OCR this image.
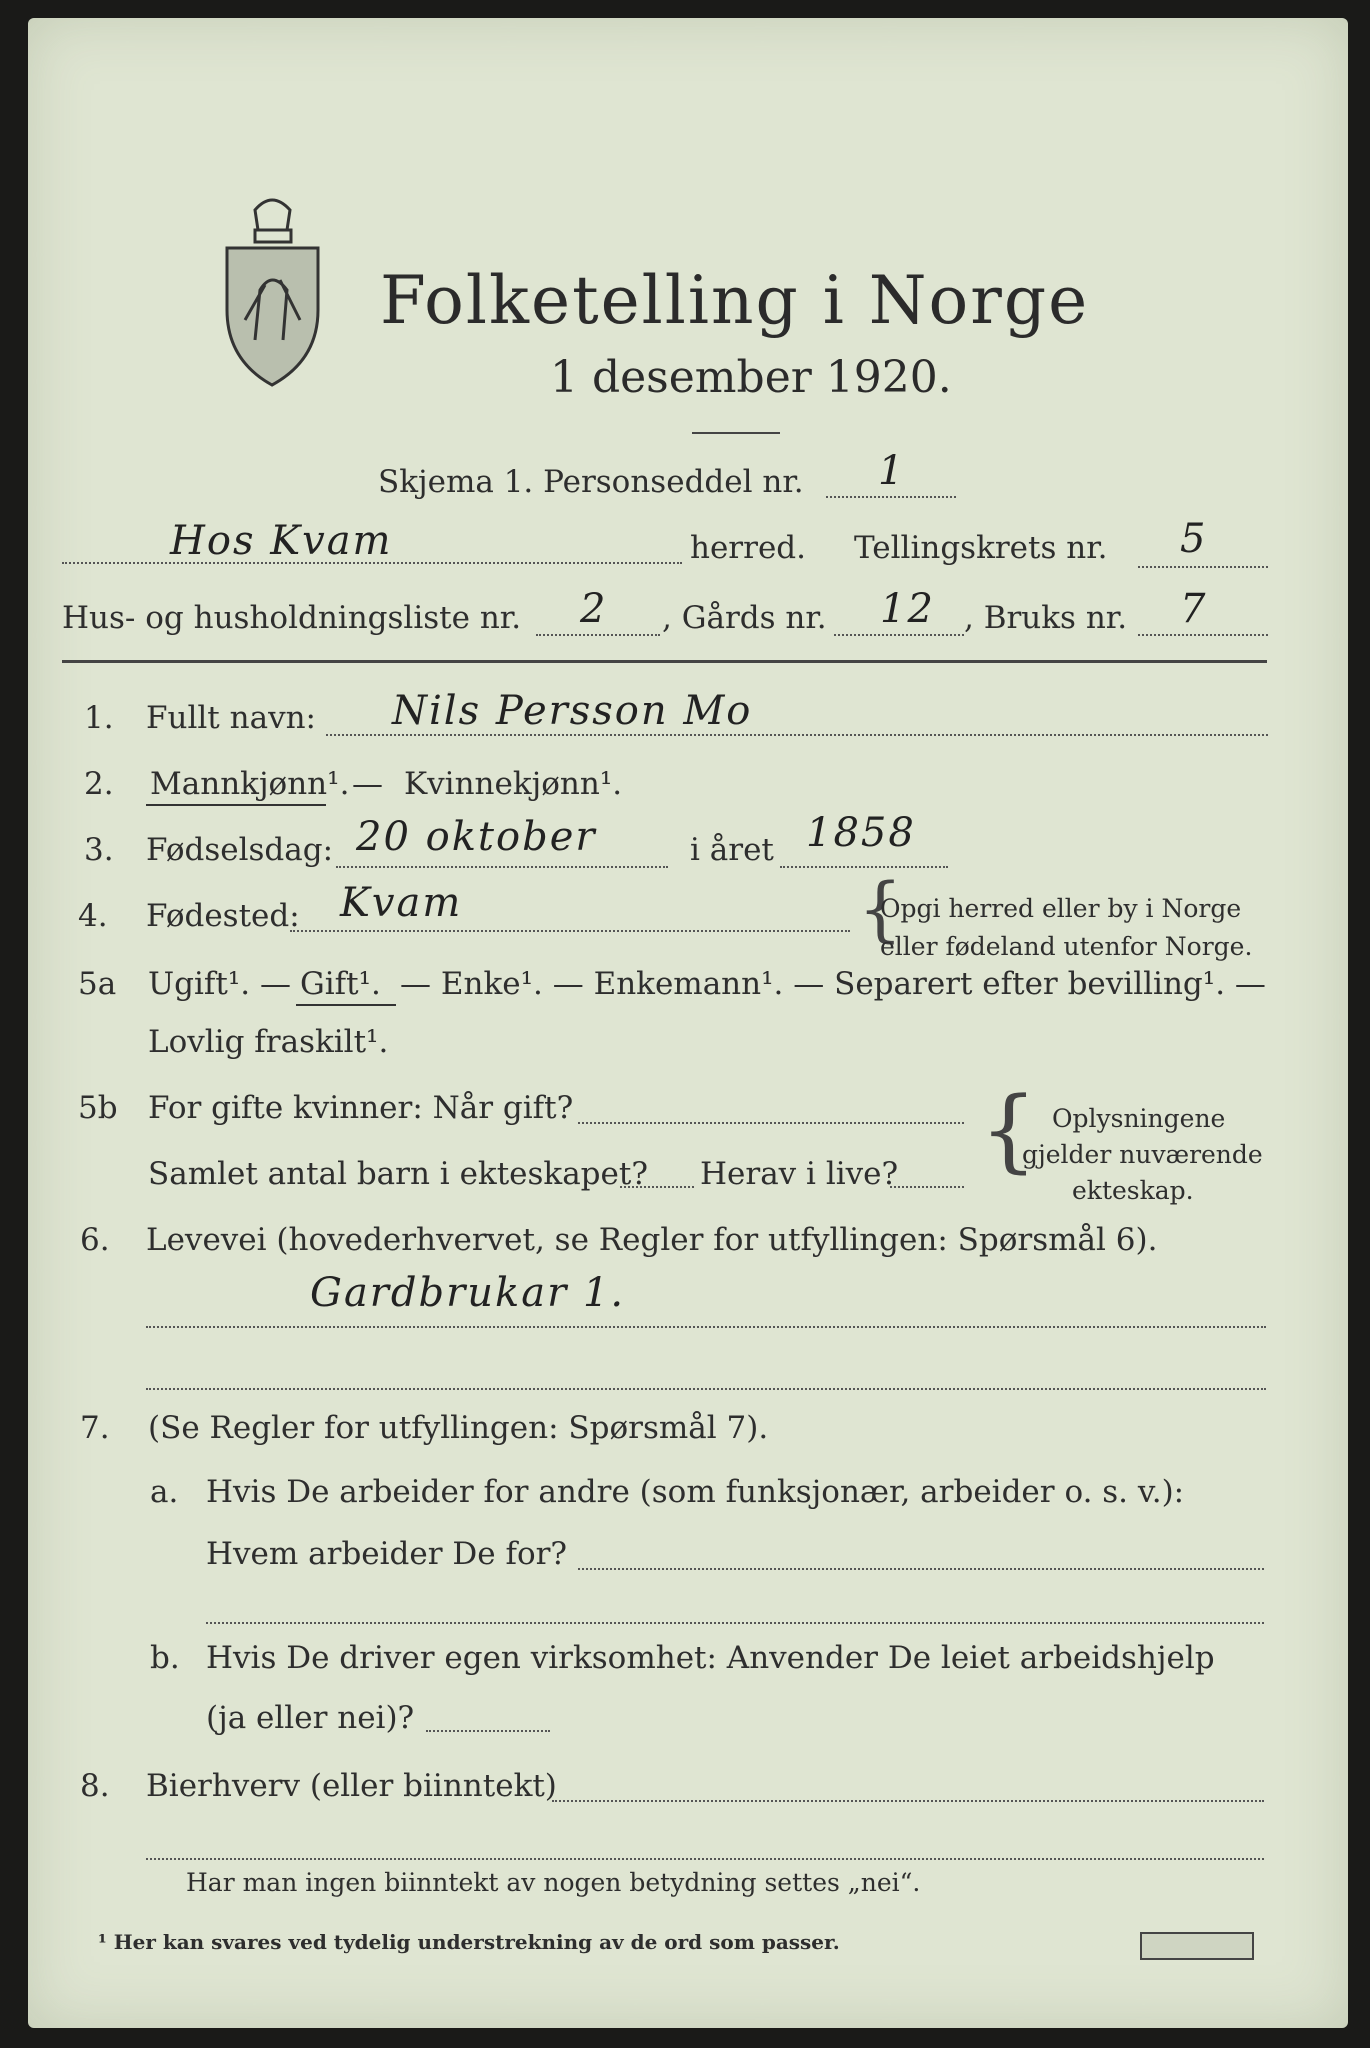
Folketelling i Norge
1 desember 1920.
Skjema 1. Personseddel nr. 1
Hos Kvam	herred. Tellingskrets nr. 5
Hus- og husholdningsliste nr. 2 , Gårds nr. 12 , Bruks nr. 7
1. Fullt navn: Nils Persson Mo
2. Mannkjønn¹. — Kvinnekjønn¹.
3. Fødselsdag: 20 oktober	i året 1858
4. Fødested: Kvam	{
Opgi herred eller by i Norge
eller fødeland utenfor Norge.
5a Ugift¹. — Gift¹. — Enke¹. — Enkemann¹. — Separert efter bevilling¹. —
Lovlig fraskilt¹.
5b For gifte kvinner: Når gift?
Samlet antal barn i ekteskapet? Herav i live? { Oplysningene
gjelder nuværende
ekteskap.
6. Levevei (hovederhvervet, se Regler for utfyllingen: Spørsmål 6).
Gardbrukar 1.
7. (Se Regler for utfyllingen: Spørsmål 7).
a. Hvis De arbeider for andre (som funksjonær, arbeider o. s. v.):
Hvem arbeider De for?
b. Hvis De driver egen virksomhet: Anvender De leiet arbeidshjelp
(ja eller nei)?
8. Bierhverv (eller biinntekt)
Har man ingen biinntekt av nogen betydning settes „nei“.
¹ Her kan svares ved tydelig understrekning av de ord som passer.
